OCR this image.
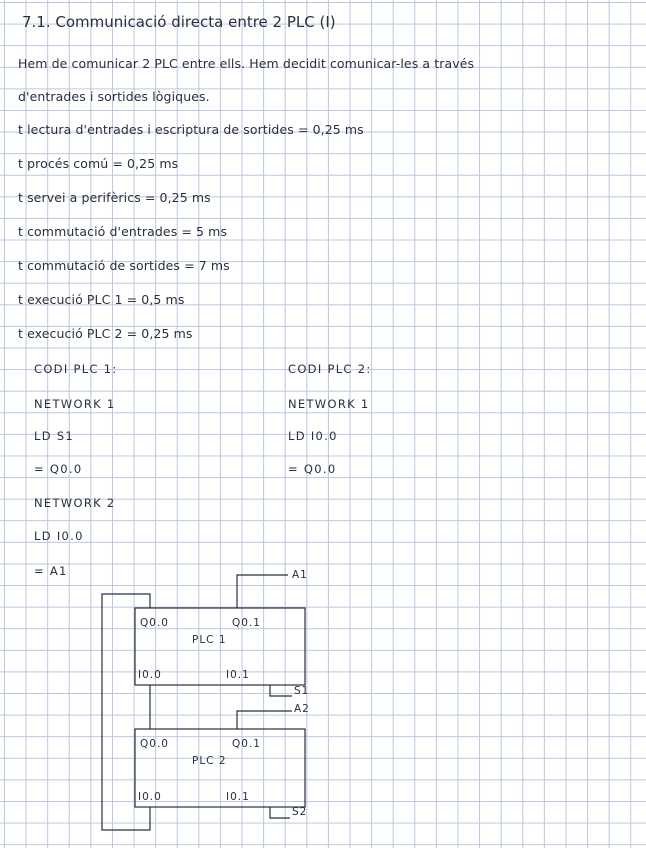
7.1. Communicació directa entre 2 PLC (I)
Hem de comunicar 2 PLC entre ells. Hem decidit comunicar-les a través
d'entrades i sortides lògiques.
t lectura d'entrades i escriptura de sortides = 0,25 ms
t procés comú = 0,25 ms
t servei a perifèrics = 0,25 ms
t commutació d'entrades = 5 ms
t commutació de sortides = 7 ms
t execució PLC 1 = 0,5 ms
t execució PLC 2 = 0,25 ms
CODI PLC 1:
NETWORK 1
LD S1
= Q0.0
NETWORK 2
LD I0.0
= A1
CODI PLC 2:
NETWORK 1
LD I0.0
= Q0.0
Q0.0	Q0.1
PLC 1
I0.0	I0.1
Q0.0	Q0.1
PLC 2
I0.0	I0.1
A1
S1
A2
S2
